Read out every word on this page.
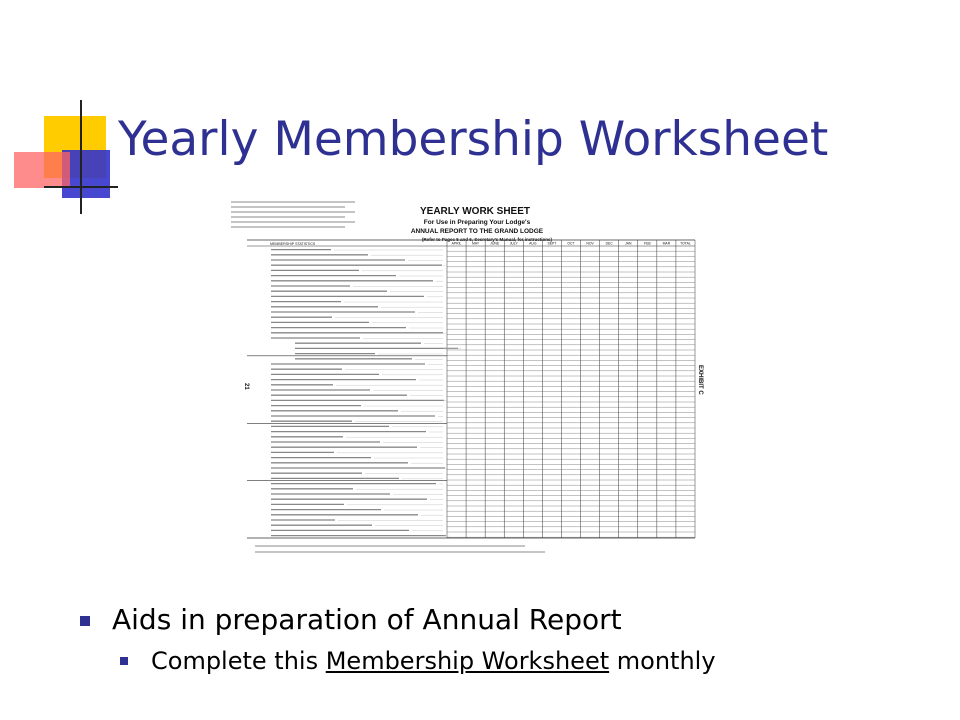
Yearly Membership Worksheet
YEARLY WORK SHEET
For Use in Preparing Your Lodge's
ANNUAL REPORT TO THE GRAND LODGE
(Refer to Pages 5 and 6, Secretary's Manual, for instructions)
MEMBERSHIP STATISTICS
EXHIBIT C
21
APRIL	MAY	JUNE	JULY	AUG	SEPT	OCT	NOV	DEC	JAN	FEB	MAR	TOTAL
Aids in preparation of Annual Report
Complete this Membership Worksheet monthly
